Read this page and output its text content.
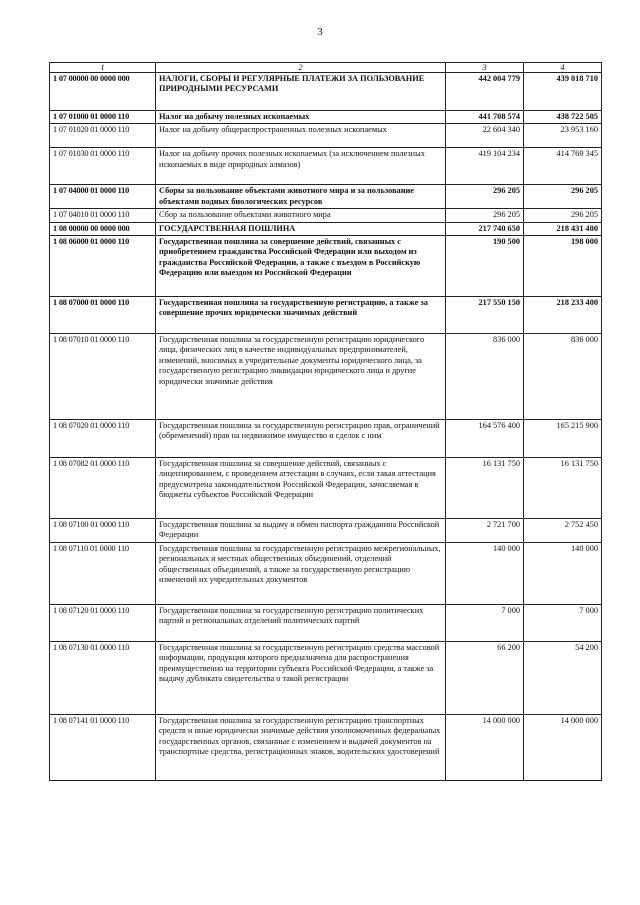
3
1	2	3	4
1 07 00000 00 0000 000	НАЛОГИ, СБОРЫ И РЕГУЛЯРНЫЕ ПЛАТЕЖИ ЗА ПОЛЬЗОВАНИЕ ПРИРОДНЫМИ РЕСУРСАМИ	442 004 779	439 018 710
1 07 01000 01 0000 110	Налог на добычу полезных ископаемых	441 708 574	438 722 505
1 07 01020 01 0000 110	Налог на добычу общераспространенных полезных ископаемых	22 604 340	23 953 160
1 07 01030 01 0000 110	Налог на добычу прочих полезных ископаемых (за исключением полезных ископаемых в виде природных алмазов)	419 104 234	414 769 345
1 07 04000 01 0000 110	Сборы за пользование объектами животного мира и за пользование объектами водных биологических ресурсов	296 205	296 205
1 07 04010 01 0000 110	Сбор за пользование объектами животного мира	296 205	296 205
1 08 00000 00 0000 000	ГОСУДАРСТВЕННАЯ ПОШЛИНА	217 740 650	218 431 400
1 08 06000 01 0000 110	Государственная пошлина за совершение действий, связанных с приобретением гражданства Российской Федерации или выходом из гражданства Российской Федерации, а также с въездом в Российскую Федерацию или выездом из Российской Федерации	190 500	198 000
1 08 07000 01 0000 110	Государственная пошлина за государственную регистрацию, а также за совершение прочих юридически значимых действий	217 550 150	218 233 400
1 08 07010 01 0000 110	Государственная пошлина за государственную регистрацию юридического лица, физических лиц в качестве индивидуальных предпринимателей, изменений, вносимых в учредительные документы юридического лица, за государственную регистрацию ликвидации юридического лица и другие юридически значимые действия	836 000	836 000
1 08 07020 01 0000 110	Государственная пошлина за государственную регистрацию прав, ограничений (обременений) прав на недвижимое имущество и сделок с ним	164 576 400	165 215 900
1 08 07082 01 0000 110	Государственная пошлина за совершение действий, связанных с лицензированием, с проведением аттестации в случаях, если такая аттестация предусмотрена законодательством Российской Федерации, зачисляемая в бюджеты субъектов Российской Федерации	16 131 750	16 131 750
1 08 07100 01 0000 110	Государственная пошлина за выдачу и обмен паспорта гражданина Российской Федерации	2 721 700	2 752 450
1 08 07110 01 0000 110	Государственная пошлина за государственную регистрацию межрегиональных, региональных и местных общественных объединений, отделений общественных объединений, а также за государственную регистрацию изменений их учредительных документов	140 000	140 000
1 08 07120 01 0000 110	Государственная пошлина за государственную регистрацию политических партий и региональных отделений политических партий	7 000	7 000
1 08 07130 01 0000 110	Государственная пошлина за государственную регистрацию средства массовой информации, продукция которого предназначена для распространения преимущественно на территории субъекта Российской Федерации, а также за выдачу дубликата свидетельства о такой регистрации	66 200	54 200
1 08 07141 01 0000 110	Государственная пошлина за государственную регистрацию транспортных средств и иные юридически значимые действия уполномоченных федеральных государственных органов, связанные с изменением и выдачей документов на транспортные средства, регистрационных знаков, водительских удостоверений	14 000 000	14 000 000
